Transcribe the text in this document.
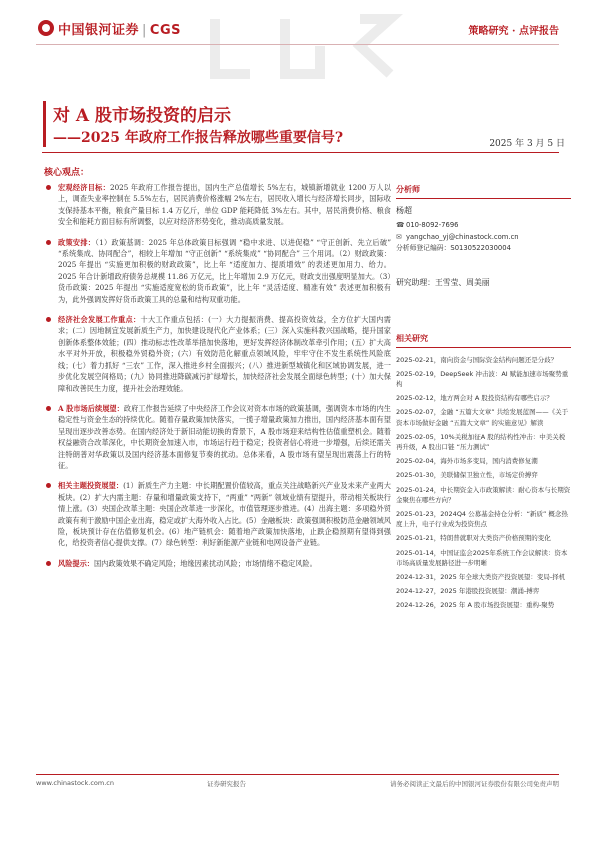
中国银河证券 | CGS	策略研究 · 点评报告
对 A 股市场投资的启示
——2025 年政府工作报告释放哪些重要信号?	2025 年 3 月 5 日
核心观点：
宏观经济目标：2025 年政府工作报告提出，国内生产总值增长 5%左右，城镇新增就业 1200 万人以上，调查失业率控制在 5.5%左右，居民消费价格涨幅 2%左右，居民收入增长与经济增长同步，国际收支保持基本平衡，粮食产量目标 1.4 万亿斤，单位 GDP 能耗降低 3%左右。其中，居民消费价格、粮食安全和能耗方面目标有所调整，以应对经济形势变化，推动高质量发展。
政策安排：（1）政策基调：2025 年总体政策目标强调 “稳中求进、以进促稳” “守正创新、先立后破” “系统集成、协同配合”，相较上年增加 “守正创新” “系统集成” “协同配合” 三个用词。（2）财政政策：2025 年提出 “实施更加积极的财政政策”，比上年 “适度加力、提质增效” 的表述更加用力、给力。2025 年合计新增政府债务总规模 11.86 万亿元，比上年增加 2.9 万亿元，财政支出强度明显加大。（3）货币政策：2025 年提出 “实施适度宽松的货币政策”，比上年 “灵活适度、精准有效” 表述更加积极有为，此外强调发挥好货币政策工具的总量和结构双重功能。
经济社会发展工作重点：十大工作重点包括：(一）大力提振消费、提高投资效益，全方位扩大国内需求；(二）因地制宜发展新质生产力，加快建设现代化产业体系；(三）深入实施科教兴国战略，提升国家创新体系整体效能；(四）推动标志性改革举措加快落地，更好发挥经济体制改革牵引作用；(五）扩大高水平对外开放，积极稳外贸稳外资；(六）有效防范化解重点领域风险，牢牢守住不发生系统性风险底线；(七）着力抓好 “三农” 工作，深入推进乡村全面振兴；(八）推进新型城镇化和区域协调发展，进一步优化发展空间格局；(九）协同推进降碳减污扩绿增长，加快经济社会发展全面绿色转型；(十）加大保障和改善民生力度，提升社会治理效能。
A 股市场后续展望：政府工作报告延续了中央经济工作会议对资本市场的政策基调，强调资本市场的内生稳定性与资金生态的持续优化。随着存量政策加快落实，一揽子增量政策加力推出，国内经济基本面有望呈现出逐步改善态势。在国内经济处于新旧动能切换的背景下，A 股市场迎来结构性估值重塑机会。随着权益融资合改革深化，中长期资金加速入市，市场运行趋于稳定；投资者信心将进一步增强，后续还需关注特朗普对华政策以及国内经济基本面修复节奏的扰动。总体来看，A 股市场有望呈现出震荡上行的特征。
相关主题投资展望：(1）新质生产力主题：中长期配置价值较高，重点关注战略新兴产业及未来产业两大板块。(2）扩大内需主题：存量和增量政策支持下，“两重” “两新” 领域业绩有望提升，带动相关板块行情上涨。(3）央国企改革主题：央国企改革进一步深化，市值管理逐步推进。(4）出海主题：多项稳外贸政策有利于激励中国企业出海，稳定或扩大海外收入占比。(5）金融板块：政策强调积极防范金融领域风险，板块预计存在估值修复机会。(6）地产链机会：随着地产政策加快落地，止跌企稳预期有望得到强化，给投资者信心提供支撑。(7）绿色转型：利好新能源产业链和电网设备产业链。
风险提示：国内政策效果不确定风险；地缘因素扰动风险；市场情绪不稳定风险。
分析师
杨超
☎ 010-8092-7696
✉ yangchao_yj@chinastock.com.cn
分析师登记编码：S0130522030004
研究助理：王雪莹、周美丽
相关研究
2025-02-21，南向资金与国际资金结构问题还是分歧？
2025-02-19，DeepSeek 冲击波：AI 赋能加速市场聚势重构
2025-02-12，地方两会对 A 股投资结构有哪些启示？
2025-02-07，金融 “五篇大文章” 共绘发展蓝图——《关于资本市场做好金融 “五篇大文章” 的实施意见》解读
2025-02-05，10%关税加征A 股的结构性冲击：中美关税再升级，A 股出口链 “压力测试”
2025-02-04，海外市场多变局，国内消费修复潮
2025-01-30，美联储保卫独立性，市场定价搏弈
2025-01-24，中长期资金入市政策解读：耐心资本与长期资金聚焦在哪些方向？
2025-01-23，2024Q4 公募基金持仓分析：“新质” 概念热度上升，电子行业成为投资焦点
2025-01-21，特朗普就职对大类资产价格预期的变化
2025-01-14，中国证监会2025年系统工作会议解读：资本市场高质量发展路径进一步明晰
2024-12-31，2025 年全球大类资产投资展望：变局-择机
2024-12-27，2025 年港股投资展望：潮涌-搏弈
2024-12-26，2025 年 A 股市场投资展望：重构-聚势
www.chinastock.com.cn	证券研究报告	请务必阅读正文最后的中国银河证券股份有限公司免责声明
